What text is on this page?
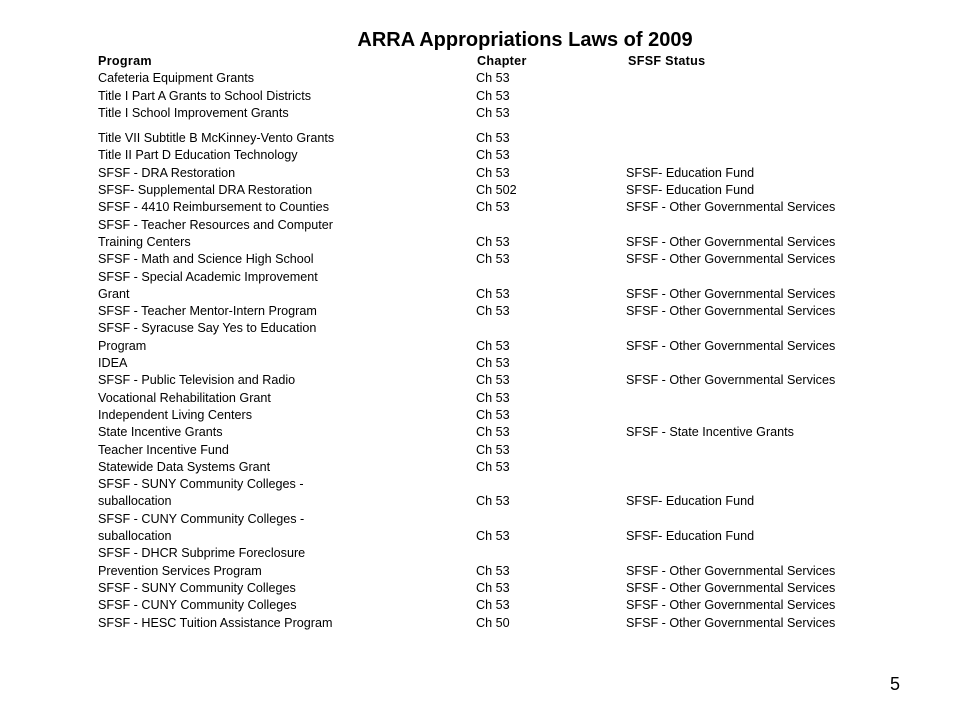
ARRA Appropriations Laws of 2009
Program	Chapter	SFSF Status
Cafeteria Equipment Grants	Ch 53
Title I Part A Grants to School Districts	Ch 53
Title I School Improvement Grants	Ch 53
Title VII Subtitle B McKinney-Vento Grants	Ch 53
Title II Part D Education Technology	Ch 53
SFSF - DRA Restoration	Ch 53	SFSF- Education Fund
SFSF- Supplemental DRA Restoration	Ch 502	SFSF- Education Fund
SFSF - 4410 Reimbursement to Counties	Ch 53	SFSF - Other Governmental Services
SFSF - Teacher Resources and Computer
Training Centers	Ch 53	SFSF - Other Governmental Services
SFSF - Math and Science High School	Ch 53	SFSF - Other Governmental Services
SFSF - Special Academic Improvement
Grant	Ch 53	SFSF - Other Governmental Services
SFSF - Teacher Mentor-Intern Program	Ch 53	SFSF - Other Governmental Services
SFSF - Syracuse Say Yes to Education
Program	Ch 53	SFSF - Other Governmental Services
IDEA	Ch 53
SFSF - Public Television and Radio	Ch 53	SFSF - Other Governmental Services
Vocational Rehabilitation Grant	Ch 53
Independent Living Centers	Ch 53
State Incentive Grants	Ch 53	SFSF - State Incentive Grants
Teacher Incentive Fund	Ch 53
Statewide Data Systems Grant	Ch 53
SFSF - SUNY Community Colleges -
suballocation	Ch 53	SFSF- Education Fund
SFSF - CUNY Community Colleges -
suballocation	Ch 53	SFSF- Education Fund
SFSF - DHCR Subprime Foreclosure
Prevention Services Program	Ch 53	SFSF - Other Governmental Services
SFSF - SUNY Community Colleges	Ch 53	SFSF - Other Governmental Services
SFSF - CUNY Community Colleges	Ch 53	SFSF - Other Governmental Services
SFSF - HESC Tuition Assistance Program	Ch 50	SFSF - Other Governmental Services
5
